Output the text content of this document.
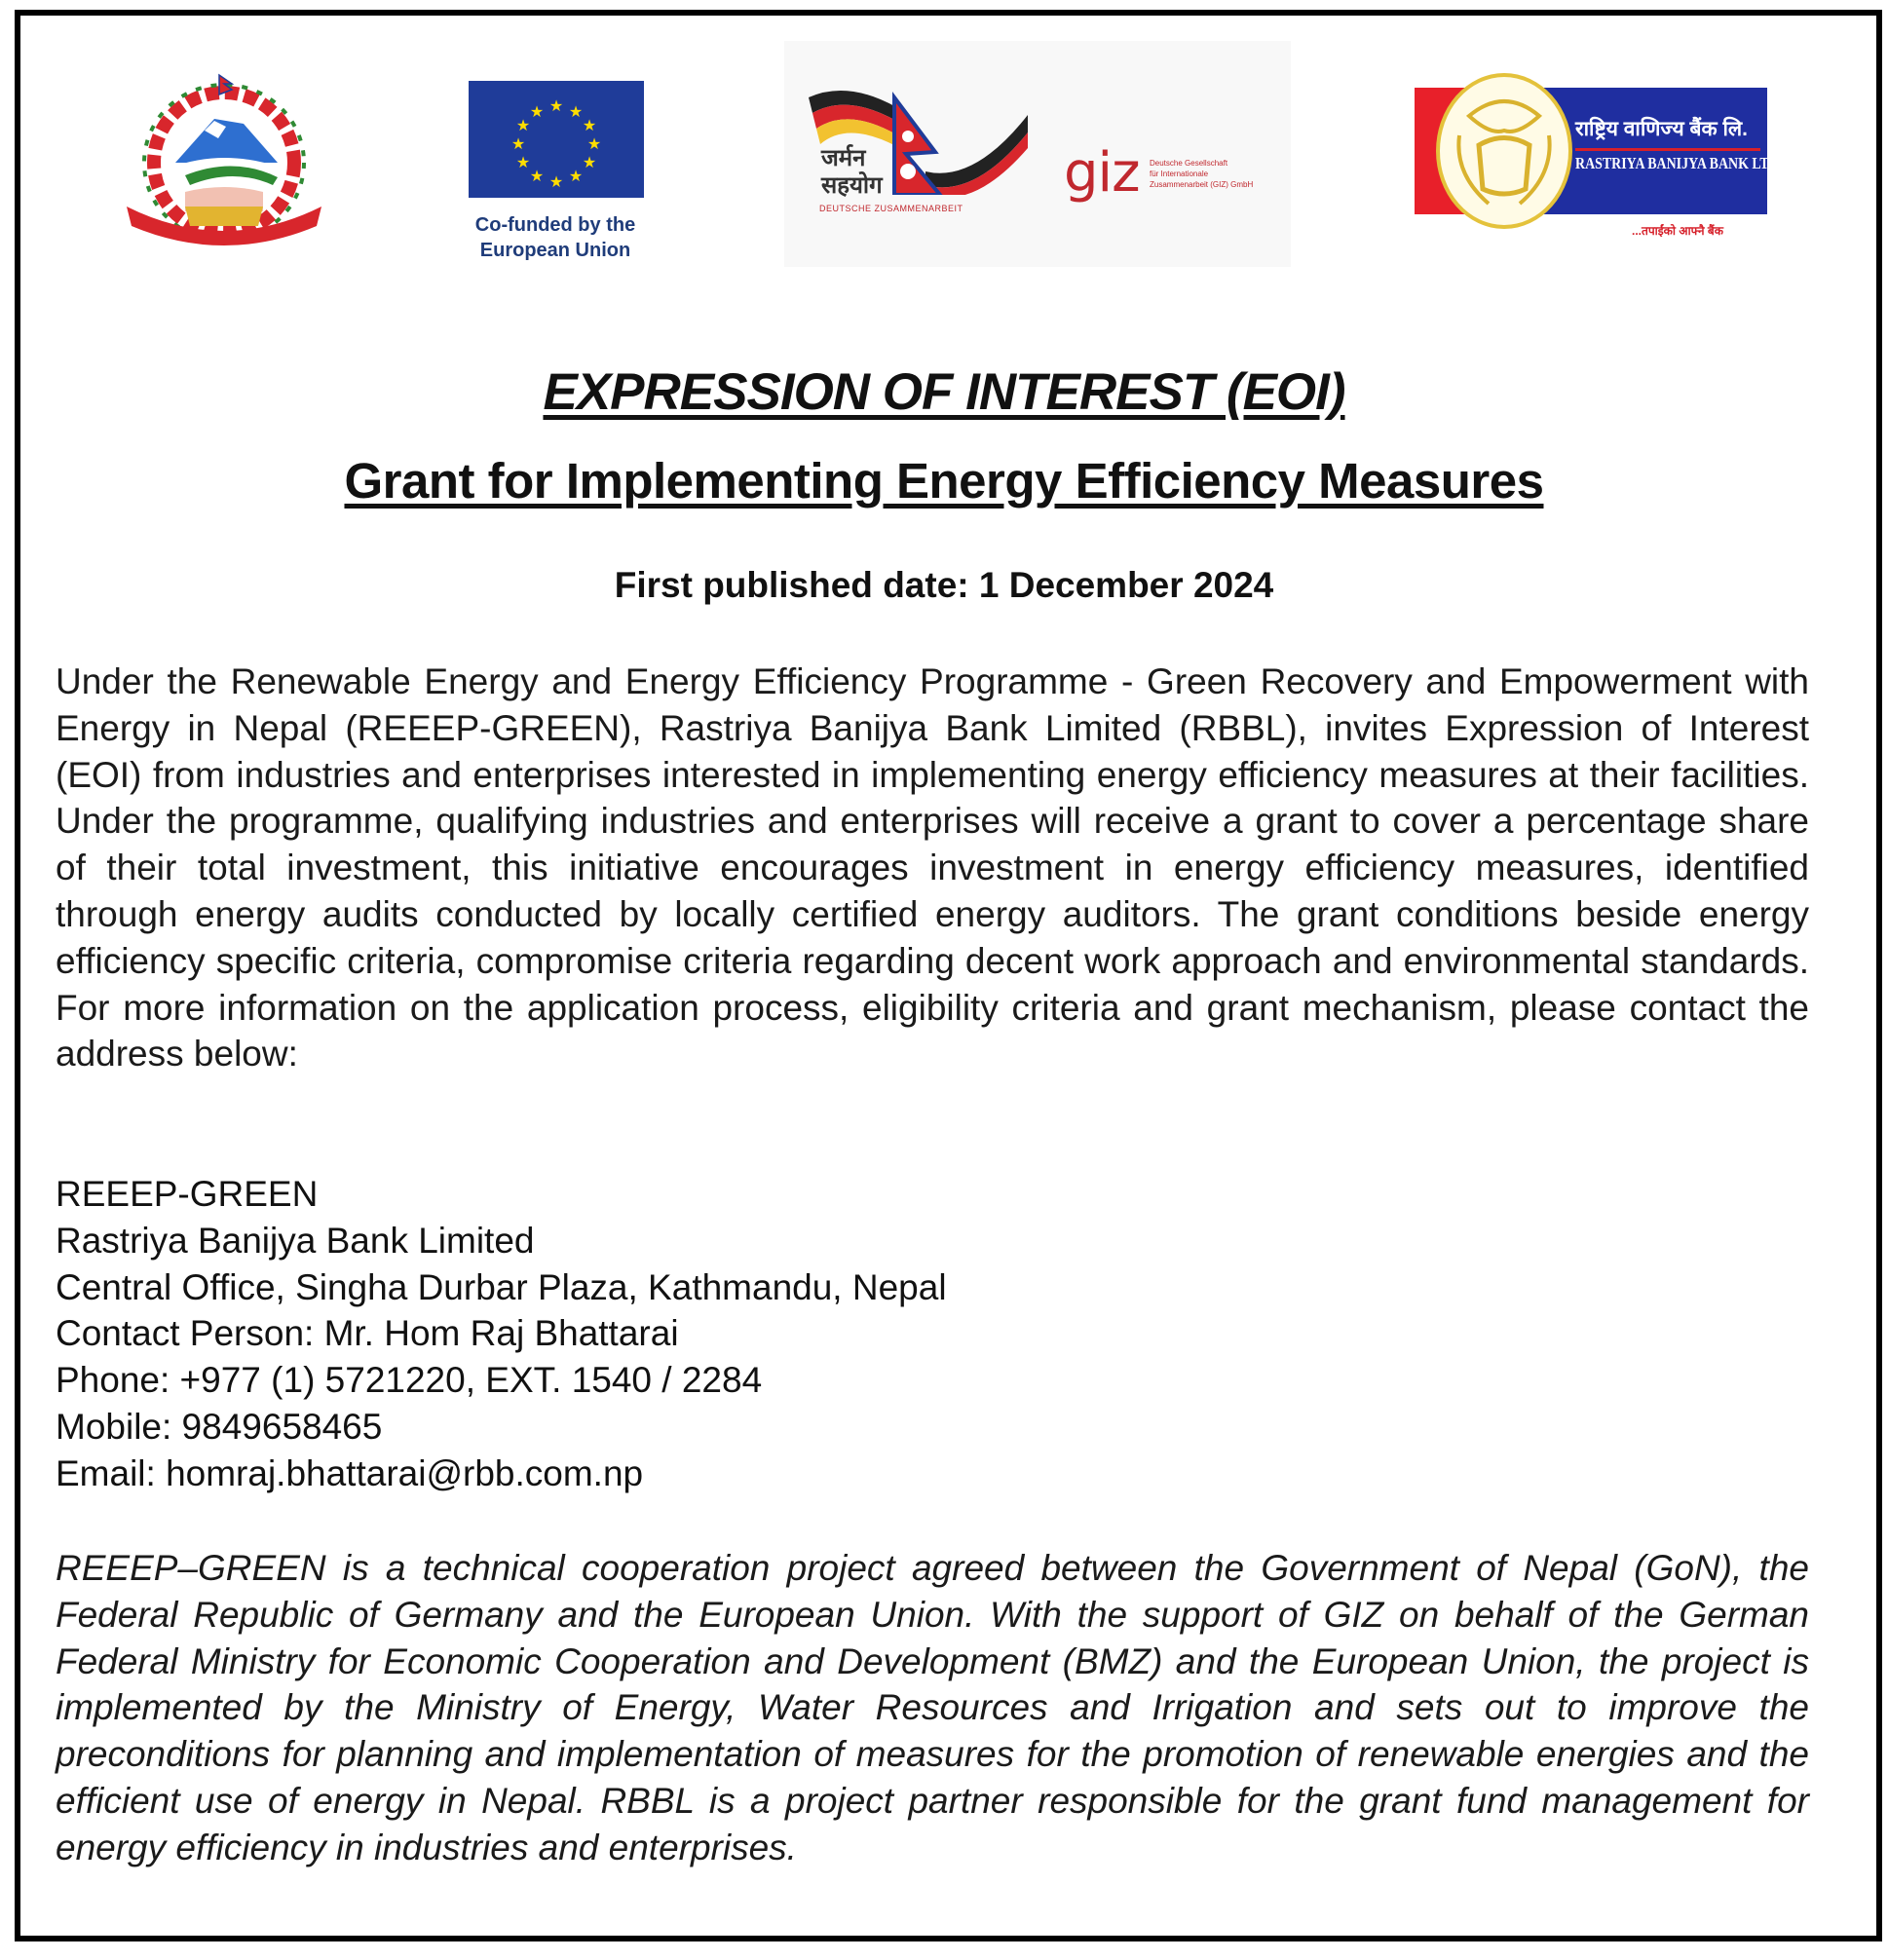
★ ★
★
★
★
★
★
★
★
★
★
★
Co-funded by the
European Union
जर्मन
सहयोग
DEUTSCHE ZUSAMMENARBEIT
giz Deutsche Gesellschaft
für Internationale
Zusammenarbeit (GIZ) GmbH
राष्ट्रिय वाणिज्य बैंक लि.
RASTRIYA BANIJYA BANK LTD.
...तपाईंको आफ्नै बैंक
EXPRESSION OF INTEREST (EOI)
Grant for Implementing Energy Efficiency Measures
First published date: 1 December 2024
Under the Renewable Energy and Energy Efficiency Programme - Green Recovery and Empowerment with Energy in Nepal (REEEP-GREEN), Rastriya Banijya Bank Limited (RBBL), invites Expression of Interest (EOI) from industries and enterprises interested in implementing energy efficiency measures at their facilities. Under the programme, qualifying industries and enterprises will receive a grant to cover a percentage share of their total investment, this initiative encourages investment in energy efficiency measures, identified through energy audits conducted by locally certified energy auditors. The grant conditions beside energy efficiency specific criteria, compromise criteria regarding decent work approach and environmental standards. For more information on the application process, eligibility criteria and grant mechanism, please contact the address below:
REEEP-GREEN
Rastriya Banijya Bank Limited
Central Office, Singha Durbar Plaza, Kathmandu, Nepal
Contact Person: Mr. Hom Raj Bhattarai
Phone: +977 (1) 5721220, EXT. 1540 / 2284
Mobile: 9849658465
Email: homraj.bhattarai@rbb.com.np
REEEP–GREEN is a technical cooperation project agreed between the Government of Nepal (GoN), the Federal Republic of Germany and the European Union. With the support of GIZ on behalf of the German Federal Ministry for Economic Cooperation and Development (BMZ) and the European Union, the project is implemented by the Ministry of Energy, Water Resources and Irrigation and sets out to improve the preconditions for planning and implementation of measures for the promotion of renewable energies and the efficient use of energy in Nepal. RBBL is a project partner responsible for the grant fund management for energy efficiency in industries and enterprises.
